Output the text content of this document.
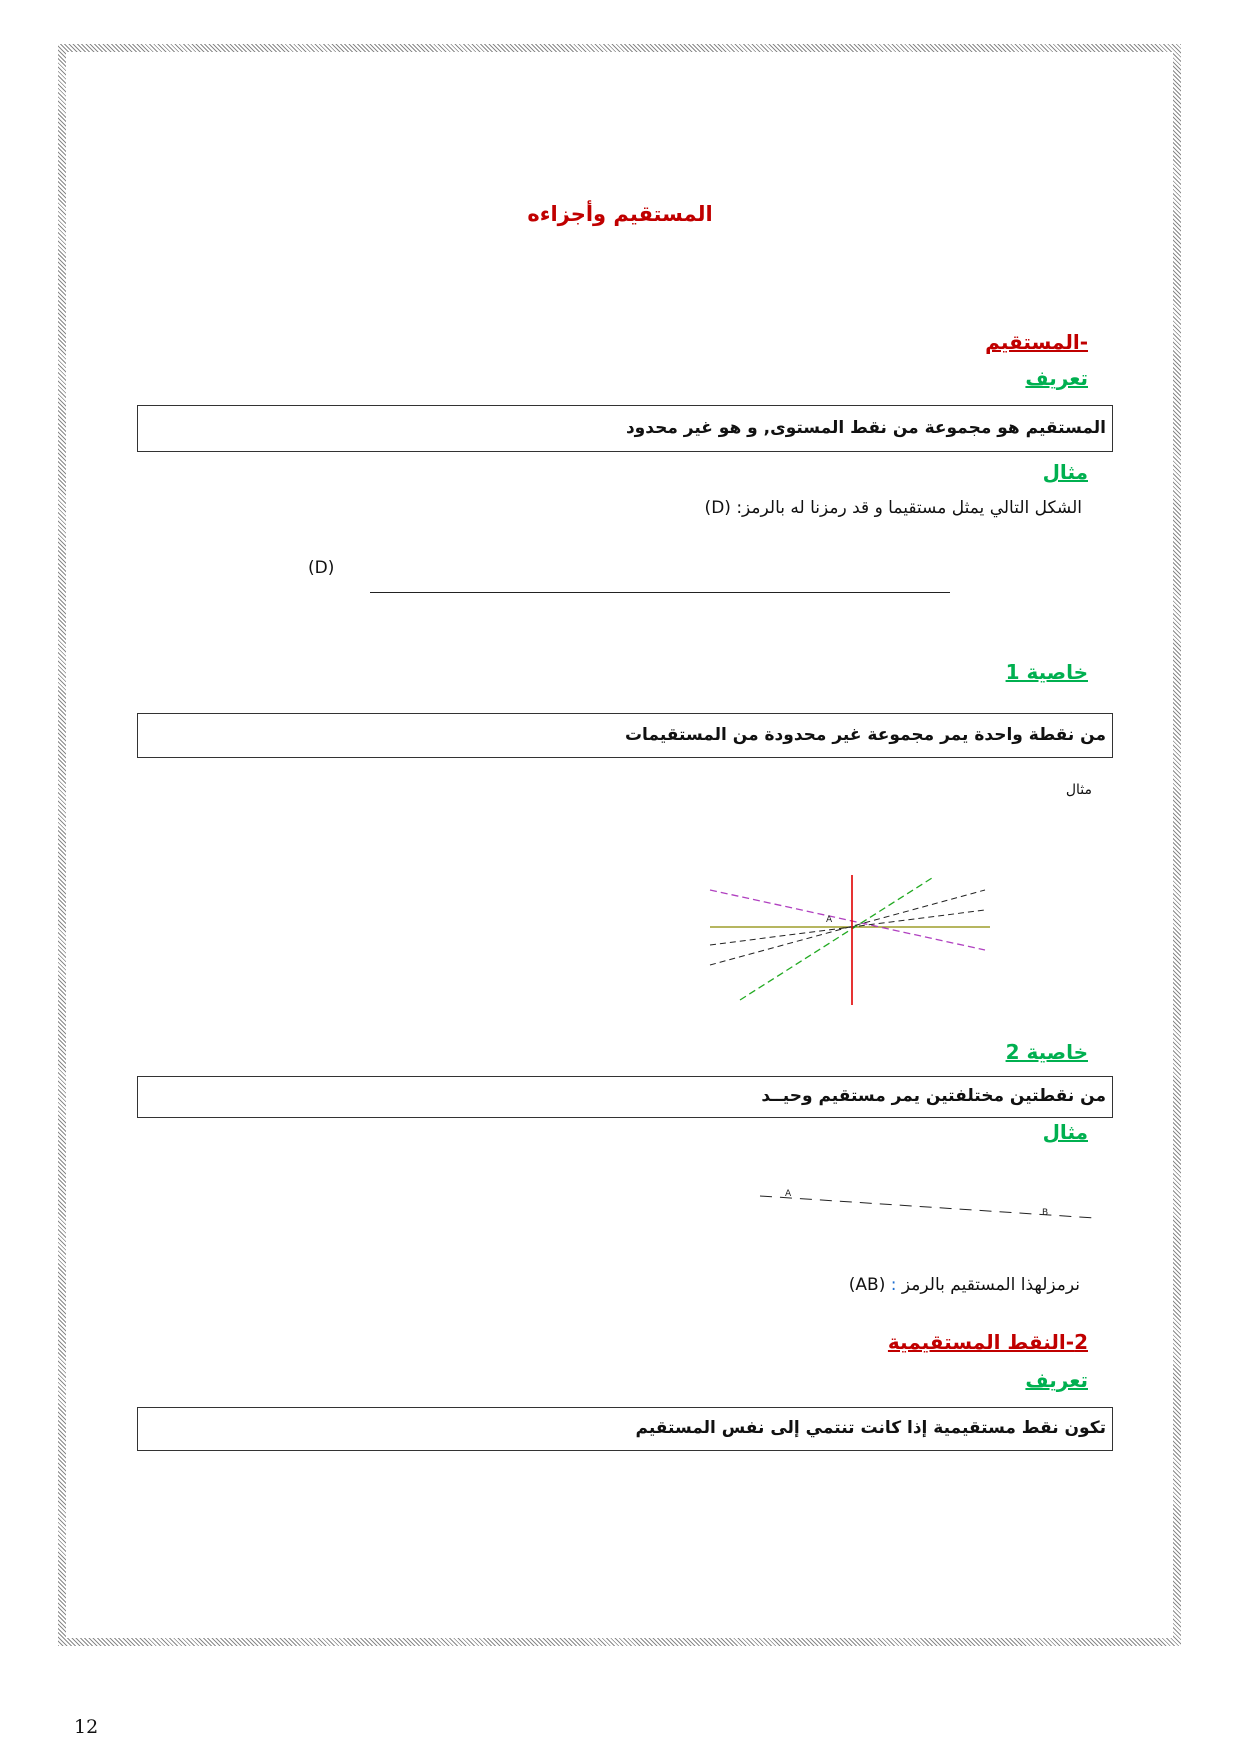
المستقيم وأجزاءه
-المستقيم
تعريف
المستقيم هو مجموعة من نقط المستوى, و هو غير محدود
مثال
الشكل التالي يمثل مستقيما و قد رمزنا له بالرمز: (D)
(D)
خاصية 1
من نقطة واحدة يمر مجموعة غير محدودة من المستقيمات
مثال
A
خاصية 2
من نقطتين مختلفتين يمر مستقيم وحيــد
مثال
A
B
نرمزلهذا المستقيم بالرمز : (AB)
2-النقط المستقيمية
تعريف
تكون نقط مستقيمية إذا كانت تنتمي إلى نفس المستقيم
12
